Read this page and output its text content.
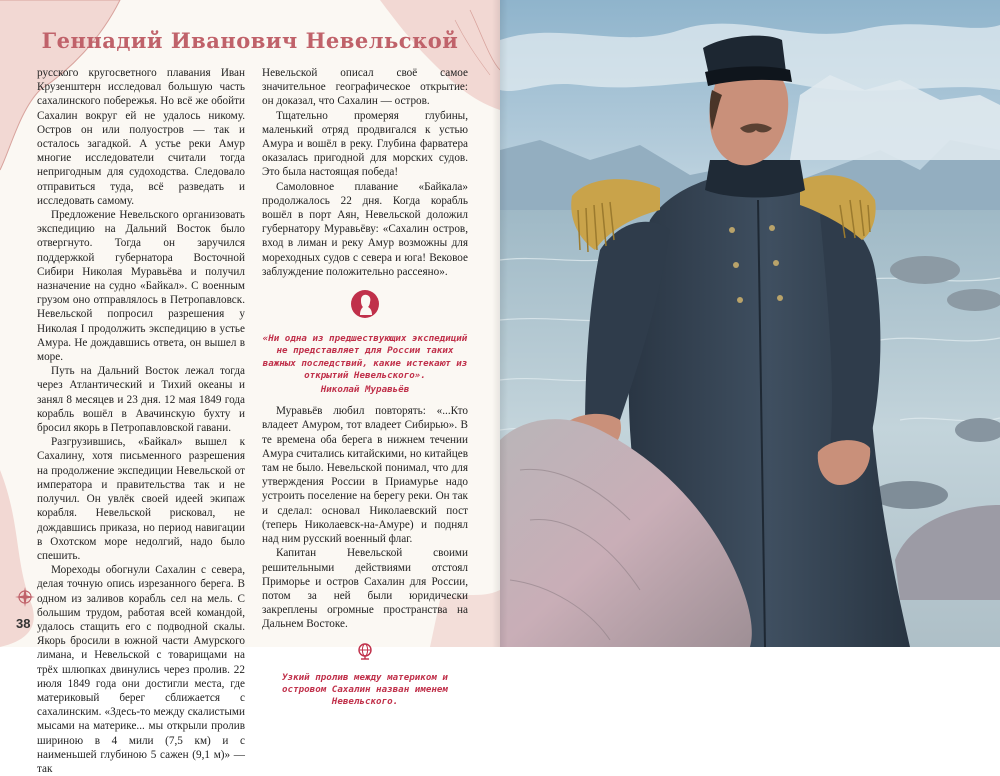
Геннадий Иванович Невельской

русского кругосветного плавания Иван Крузенштерн исследовал большую часть сахалинского побережья. Но всё же обойти Сахалин вокруг ей не удалось никому. Остров он или полуостров — так и осталось загадкой. А устье реки Амур многие исследователи считали тогда непригодным для судоходства. Следовало отправиться туда, всё разведать и исследовать самому.

Предложение Невельского организовать экспедицию на Дальний Восток было отвергнуто. Тогда он заручился поддержкой губернатора Восточной Сибири Николая Муравьёва и получил назначение на судно «Байкал». С военным грузом оно отправлялось в Петропавловск. Невельской попросил разрешения у Николая I продолжить экспедицию в устье Амура. Не дождавшись ответа, он вышел в море.

Путь на Дальний Восток лежал тогда через Атлантический и Тихий океаны и занял 8 месяцев и 23 дня. 12 мая 1849 года корабль вошёл в Авачинскую бухту и бросил якорь в Петропавловской гавани.

Разгрузившись, «Байкал» вышел к Сахалину, хотя письменного разрешения на продолжение экспедиции Невельской от императора и правительства так и не получил. Он увлёк своей идеей экипаж корабля. Невельской рисковал, не дождавшись приказа, но период навигации в Охотском море недолгий, надо было спешить.

Мореходы обогнули Сахалин с севера, делая точную опись изрезанного берега. В одном из заливов корабль сел на мель. С большим трудом, работая всей командой, удалось стащить его с подводной скалы. Якорь бросили в южной части Амурского лимана, и Невельской с товарищами на трёх шлюпках двинулись через пролив. 22 июля 1849 года они достигли места, где материковый берег сближается с сахалинским. «Здесь-то между скалистыми мысами на материке... мы открыли пролив шириною в 4 мили (7,5 км) и с наименьшей глубиною 5 сажен (9,1 м)» — так

Невельской описал своё самое значительное географическое открытие: он доказал, что Сахалин — остров.

Тщательно промеряя глубины, маленький отряд продвигался к устью Амура и вошёл в реку. Глубина фарватера оказалась пригодной для морских судов. Это была настоящая победа!

Самоловное плавание «Байкала» продолжалось 22 дня. Когда корабль вошёл в порт Аян, Невельской доложил губернатору Муравьёву: «Сахалин остров, вход в лиман и реку Амур возможны для мореходных судов с севера и юга! Вековое заблуждение положительно рассеяно».

«Ни одна из предшествующих экспедиций не представляет для России таких важных последствий, какие истекают из открытий Невельского».
Николай Муравьёв

Муравьёв любил повторять: «...Кто владеет Амуром, тот владеет Сибирью». В те времена оба берега в нижнем течении Амура считались китайскими, но китайцев там не было. Невельской понимал, что для утверждения России в Приамурье надо устроить поселение на берегу реки. Он так и сделал: основал Николаевский пост (теперь Николаевск-на-Амуре) и поднял над ним русский военный флаг.

Капитан Невельской своими решительными действиями отстоял Приморье и остров Сахалин для России, потом за ней были юридически закреплены огромные пространства на Дальнем Востоке.

Узкий пролив между материком и островом Сахалин назван именем Невельского.
38
